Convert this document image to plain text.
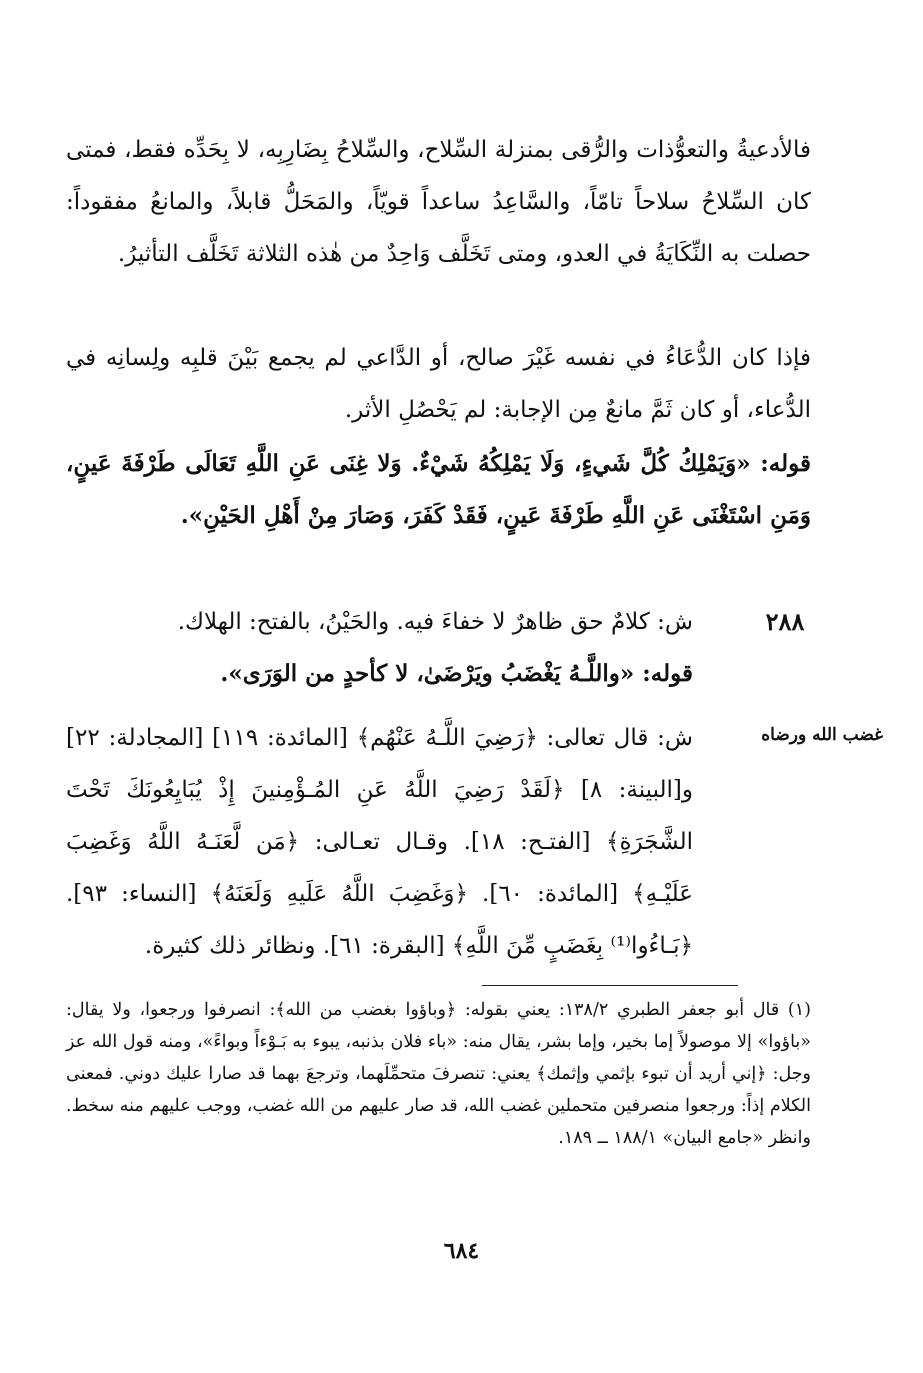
فالأدعيةُ والتعوُّذات والرُّقى بمنزلة السِّلاح، والسِّلاحُ بِضَارِبِه، لا بِحَدِّه فقط، فمتى كان السِّلاحُ سلاحاً تامّاً، والسَّاعِدُ ساعداً قويّاً، والمَحَلُّ قابلاً، والمانعُ مفقوداً: حصلت به النِّكَايَةُ في العدو، ومتى تَخَلَّف وَاحِدٌ من هٰذه الثلاثة تَخَلَّف التأثيرُ.

فإذا كان الدُّعَاءُ في نفسه غَيْرَ صالح، أو الدَّاعي لم يجمع بَيْنَ قلبِه ولِسانِه في الدُّعاء، أو كان ثَمَّ مانعٌ مِن الإجابة: لم يَحْصُلِ الأثر.

قوله: «وَيَمْلِكُ كُلَّ شَيءٍ، وَلَا يَمْلِكُهُ شَيْءٌ. وَلا غِنَى عَنِ اللَّهِ تَعَالَى طَرْفَةَ عَينٍ، وَمَنِ اسْتَغْنَى عَنِ اللَّهِ طَرْفَةَ عَينٍ، فَقَدْ كَفَرَ، وَصَارَ مِنْ أَهْلِ الحَيْنِ».

٢٨٨

ش: كلامٌ حق ظاهرٌ لا خفاءَ فيه. والحَيْنُ، بالفتح: الهلاك.

قوله: «واللَّـهُ يَغْضَبُ ويَرْضَىٰ، لا كأحدٍ من الوَرَى».

غضب الله ورضاه

ش: قال تعالى: ﴿رَضِيَ اللَّـهُ عَنْهُم﴾ [المائدة: ١١٩] [المجادلة: ٢٢] و[البينة: ٨] ﴿لَقَدْ رَضِيَ اللَّهُ عَنِ المُـؤْمِنينَ إِذْ يُبَايِعُونَكَ تَحْتَ الشَّجَرَةِ﴾ [الفتـح: ١٨]. وقـال تعـالى: ﴿مَن لَّعَنَـهُ اللَّهُ وَغَضِبَ عَلَيْـهِ﴾ [المائدة: ٦٠]. ﴿وَغَضِبَ اللَّهُ عَلَيهِ وَلَعَنَهُ﴾ [النساء: ٩٣]. ﴿بَـاءُوا⁽¹⁾ بِغَضَبٍ مِّنَ اللَّهِ﴾ [البقرة: ٦١]. ونظائر ذلك كثيرة.

(١) قال أبو جعفر الطبري ١٣٨/٢: يعني بقوله: ﴿وباؤوا بغضب من الله﴾: انصرفوا ورجعوا، ولا يقال: «باؤوا» إلا موصولاً إما بخير، وإما بشر، يقال منه: «باء فلان بذنبه، يبوء به بَـوْءاً وبواءً»، ومنه قول الله عز وجل: ﴿إني أريد أن تبوء بإثمي وإثمك﴾ يعني: تنصرفَ متحمِّلَهما، وترجعَ بهما قد صارا عليك دوني. فمعنى الكلام إذاً: ورجعوا منصرفين متحملين غضب الله، قد صار عليهم من الله غضب، ووجب عليهم منه سخط. وانظر «جامع البيان» ١٨٨/١ ــ ١٨٩.

٦٨٤
